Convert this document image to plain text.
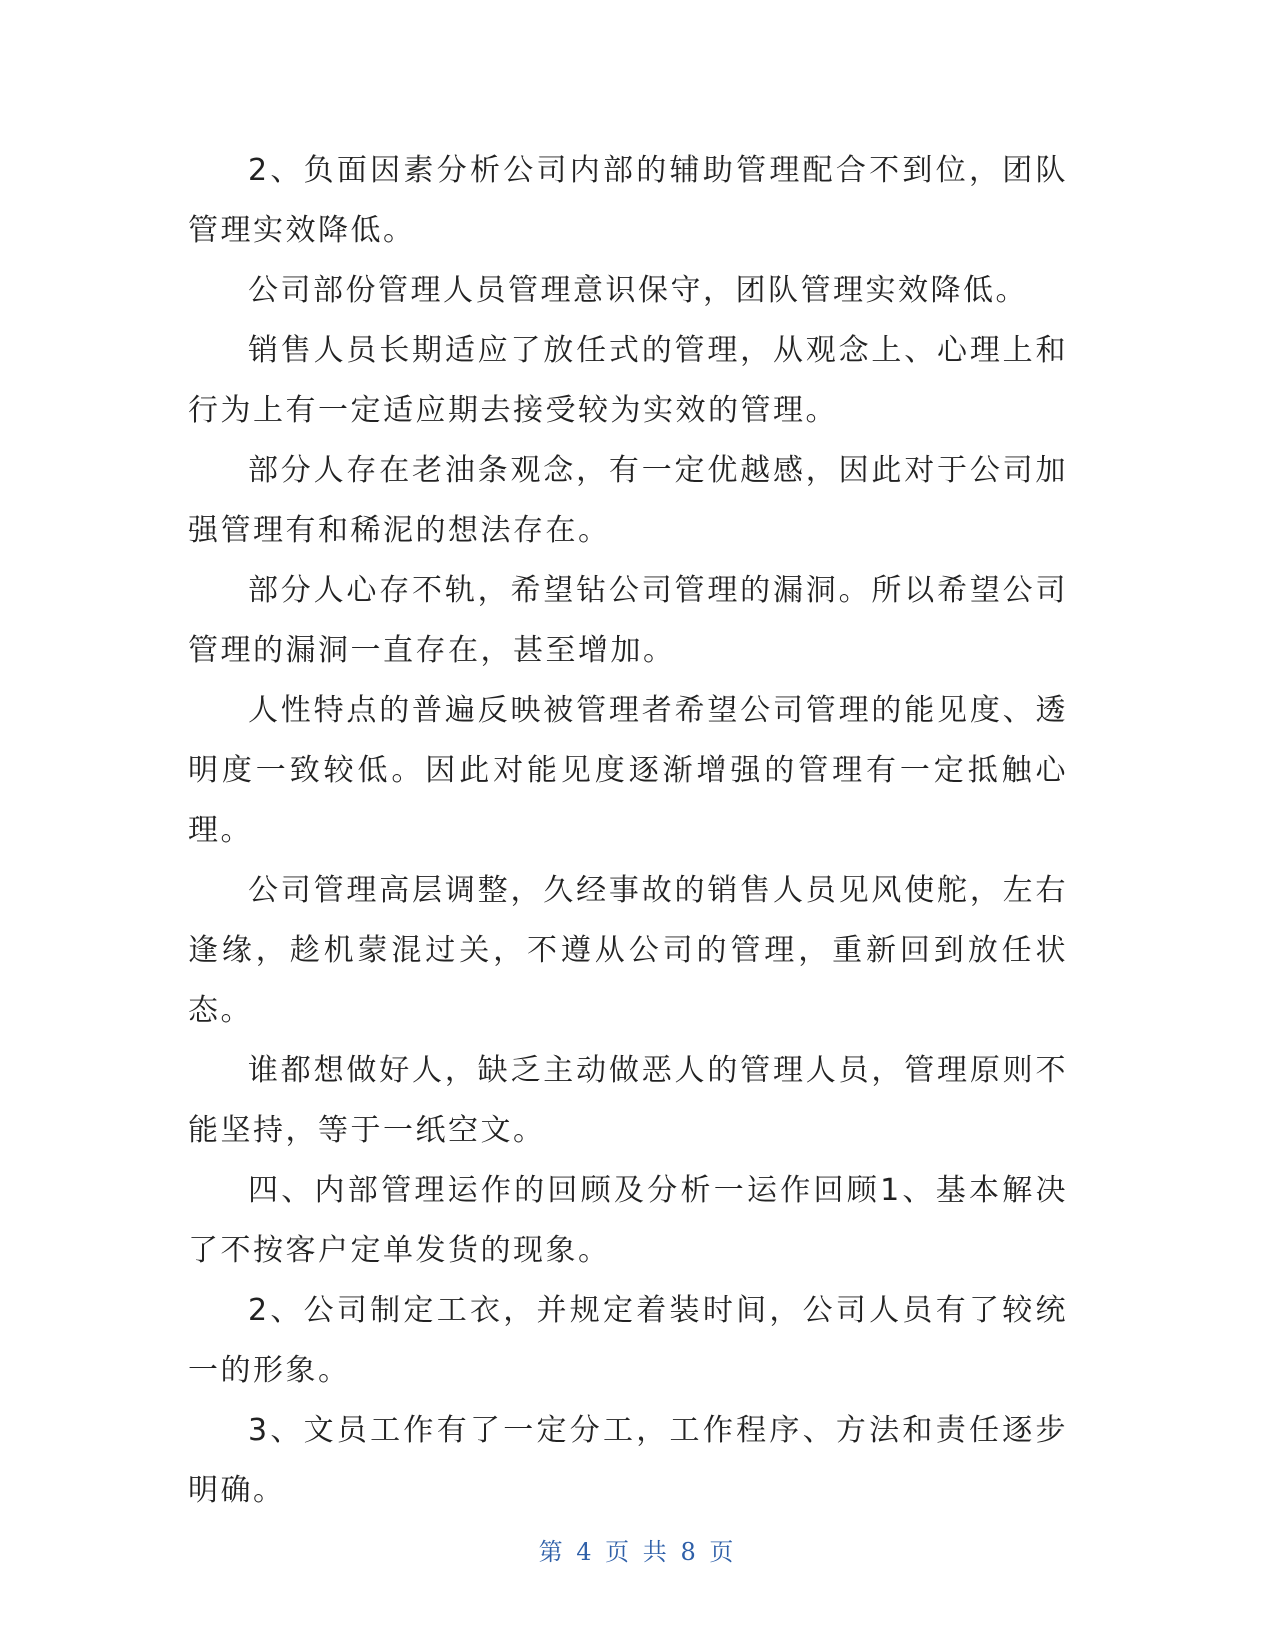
2、负面因素分析公司内部的辅助管理配合不到位，团队管理实效降低。

公司部份管理人员管理意识保守，团队管理实效降低。

销售人员长期适应了放任式的管理，从观念上、心理上和行为上有一定适应期去接受较为实效的管理。

部分人存在老油条观念，有一定优越感，因此对于公司加强管理有和稀泥的想法存在。

部分人心存不轨，希望钻公司管理的漏洞。所以希望公司管理的漏洞一直存在，甚至增加。

人性特点的普遍反映被管理者希望公司管理的能见度、透明度一致较低。因此对能见度逐渐增强的管理有一定抵触心理。

公司管理高层调整，久经事故的销售人员见风使舵，左右逢缘，趁机蒙混过关，不遵从公司的管理，重新回到放任状态。

谁都想做好人，缺乏主动做恶人的管理人员，管理原则不能坚持，等于一纸空文。

四、内部管理运作的回顾及分析一运作回顾1、基本解决了不按客户定单发货的现象。

2、公司制定工衣，并规定着装时间，公司人员有了较统一的形象。

3、文员工作有了一定分工，工作程序、方法和责任逐步明确。

第 4 页 共 8 页
